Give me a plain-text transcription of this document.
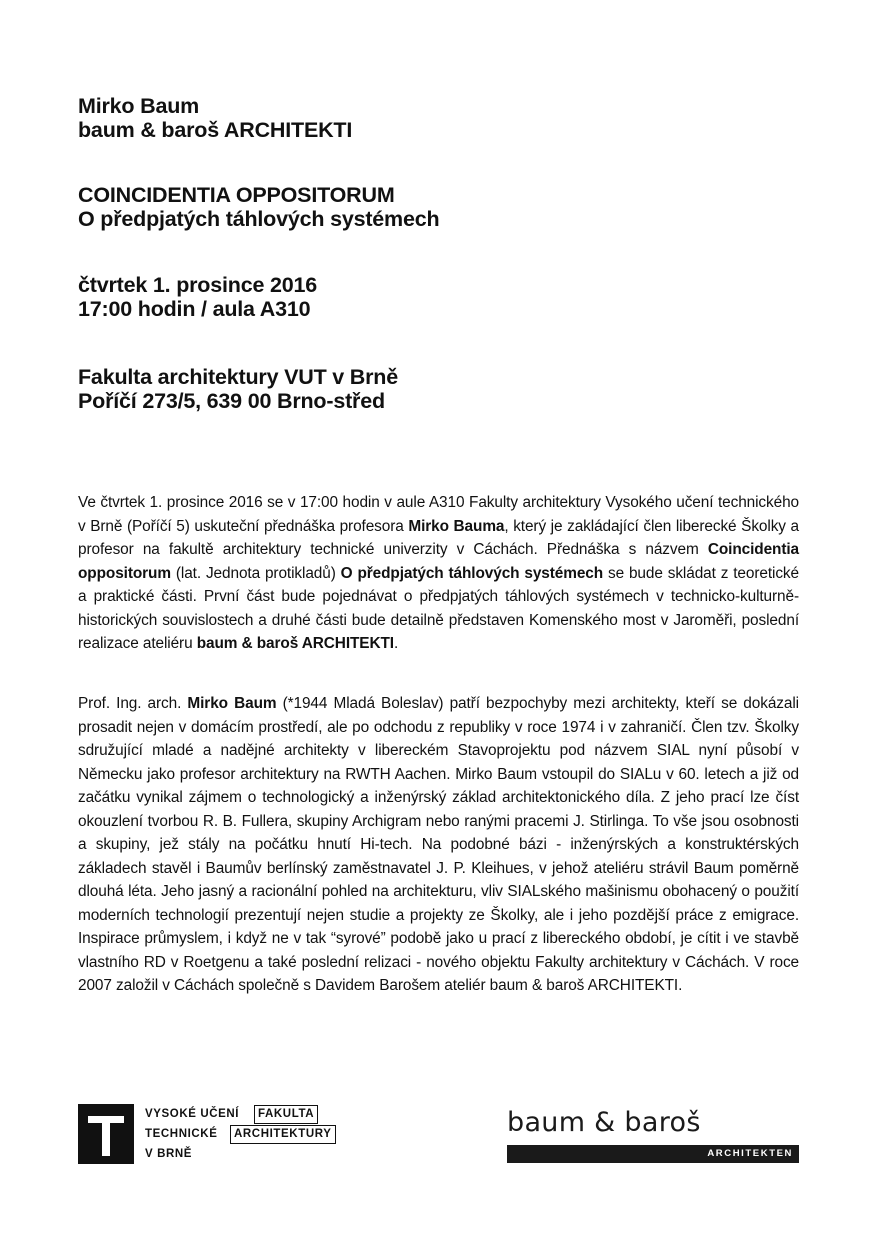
Mirko Baum
baum & baroš ARCHITEKTI
COINCIDENTIA OPPOSITORUM
O předpjatých táhlových systémech
čtvrtek 1. prosince 2016
17:00 hodin / aula A310
Fakulta architektury VUT v Brně
Poříčí 273/5, 639 00 Brno-střed
Ve čtvrtek 1. prosince 2016 se v 17:00 hodin v aule A310 Fakulty architektury Vysokého učení technického v Brně (Poříčí 5) uskuteční přednáška profesora Mirko Bauma, který je zakládající člen liberecké Školky a profesor na fakultě architektury technické univerzity v Cáchách. Přednáška s názvem Coincidentia oppositorum (lat. Jednota protikladů) O předpjatých táhlových systémech se bude skládat z teoretické a praktické části. První část bude pojednávat o předpjatých táhlových systémech v technicko-kulturně-historických souvislostech a druhé části bude detailně představen Komenského most v Jaroměři, poslední realizace ateliéru baum & baroš ARCHITEKTI.
Prof. Ing. arch. Mirko Baum (*1944 Mladá Boleslav) patří bezpochyby mezi architekty, kteří se dokázali prosadit nejen v domácím prostředí, ale po odchodu z republiky v roce 1974 i v zahraničí. Člen tzv. Školky sdružující mladé a nadějné architekty v libereckém Stavoprojektu pod názvem SIAL nyní působí v Německu jako profesor architektury na RWTH Aachen. Mirko Baum vstoupil do SIALu v 60. letech a již od začátku vynikal zájmem o technologický a inženýrský základ architektonického díla. Z jeho prací lze číst okouzlení tvorbou R. B. Fullera, skupiny Archigram nebo ranými pracemi J. Stirlinga. To vše jsou osobnosti a skupiny, jež stály na počátku hnutí Hi-tech. Na podobné bázi - inženýrských a konstruktérských základech stavěl i Baumův berlínský zaměstnavatel J. P. Kleihues, v jehož ateliéru strávil Baum poměrně dlouhá léta. Jeho jasný a racionální pohled na architekturu, vliv SIALského mašinismu obohacený o použití moderních technologií prezentují nejen studie a projekty ze Školky, ale i jeho pozdější práce z emigrace. Inspirace průmyslem, i když ne v tak “syrové” podobě jako u prací z libereckého období, je cítit i ve stavbě vlastního RD v Roetgenu a také poslední relizaci - nového objektu Fakulty architektury v Cáchách. V roce 2007 založil v Cáchách společně s Davidem Barošem ateliér baum & baroš ARCHITEKTI.
VYSOKÉ UČENÍ	FAKULTA
TECHNICKÉ	ARCHITEKTURY
V BRNĚ
baum & baroš
ARCHITEKTEN
